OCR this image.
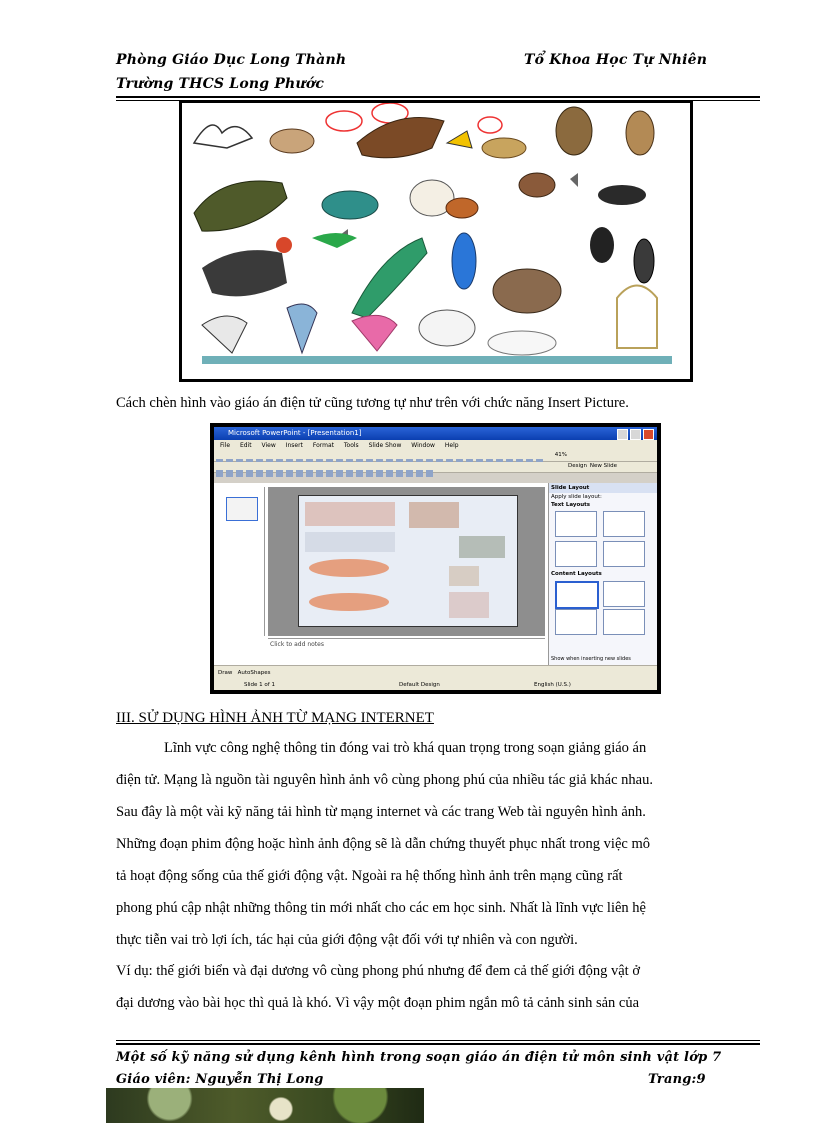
Phòng Giáo Dục Long Thành	Tổ Khoa Học Tự Nhiên
Trường THCS Long Phước
Cách chèn hình vào giáo án điện tử cũng tương tự như trên với chức năng Insert Picture.
Microsoft PowerPoint - [Presentation1]
File Edit View Insert Format Tools Slide Show Window Help
41%
Design New Slide
Click to add notes
Slide Layout
Apply slide layout:
Text Layouts
Content Layouts
Show when inserting new slides
Draw AutoShapes
Slide 1 of 1	Default Design	English (U.S.)
III. SỬ DỤNG HÌNH ẢNH TỪ MẠNG INTERNET
Lĩnh vực công nghệ thông tin đóng vai trò khá quan trọng trong soạn giảng giáo án
điện tử. Mạng là nguồn tài nguyên hình ảnh vô cùng phong phú của nhiều tác giả khác nhau.
Sau đây là một vài kỹ năng tải hình từ mạng internet và các trang Web tài nguyên hình ảnh.
Những đoạn phim động hoặc hình ảnh động sẽ là dẫn chứng thuyết phục nhất trong việc mô
tả hoạt động sống của thế giới động vật. Ngoài ra hệ thống hình ảnh trên mạng cũng rất
phong phú cập nhật những thông tin mới nhất cho các em học sinh. Nhất là lĩnh vực liên hệ
thực tiễn vai trò lợi ích, tác hại của giới động vật đối với tự nhiên và con người.
Ví dụ: thế giới biển và đại dương vô cùng phong phú nhưng để đem cả thế giới động vật ở
đại dương vào bài học thì quả là khó. Vì vậy một đoạn phim ngắn mô tả cảnh sinh sản của
Một số kỹ năng sử dụng kênh hình trong soạn giáo án điện tử môn sinh vật lớp 7
Giáo viên: Nguyễn Thị Long	Trang:9
